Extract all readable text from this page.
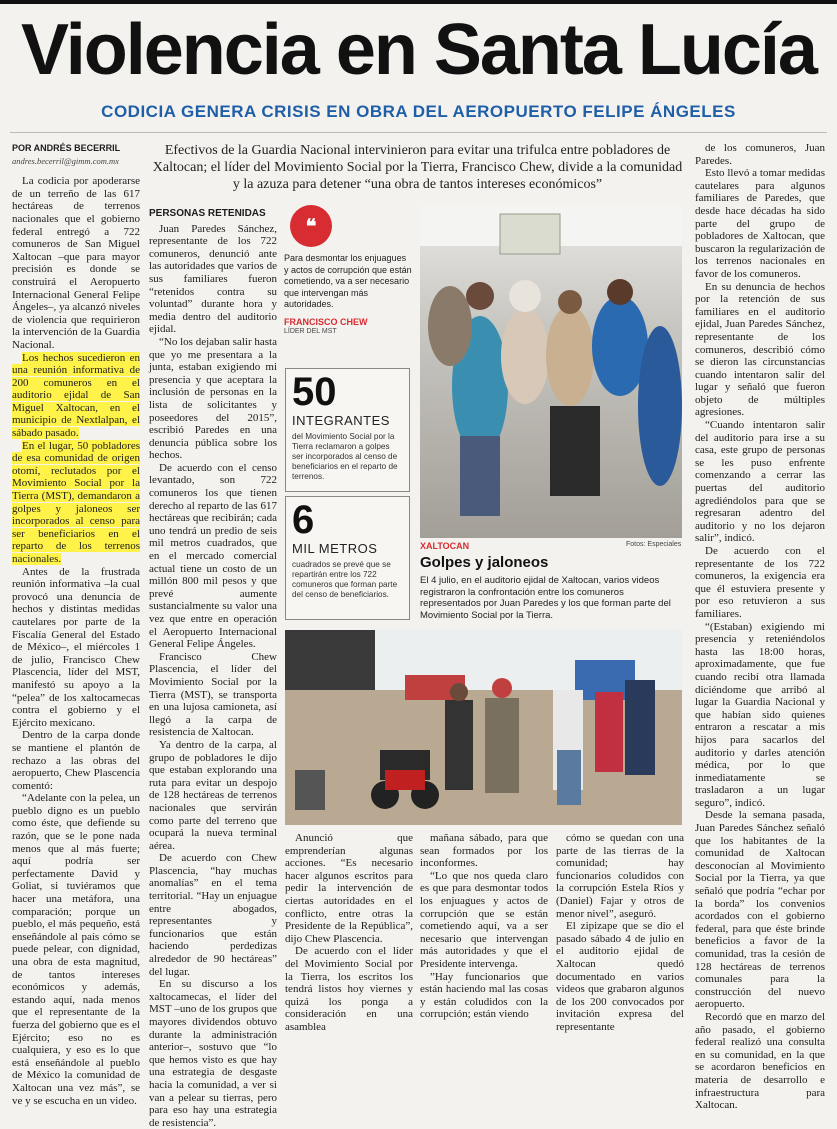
Violencia en Santa Lucía
CODICIA GENERA CRISIS EN OBRA DEL AEROPUERTO FELIPE ÁNGELES

POR ANDRÉS BECERRIL

andres.becerril@gimm.com.mx

La codicia por apoderarse de un terreño de las 617 hectáreas de terrenos nacionales que el gobierno federal entregó a 722 comuneros de San Miguel Xaltocan –que para mayor precisión es donde se construirá el Aeropuerto Internacional General Felipe Ángeles–, ya alcanzó niveles de violencia que requirieron la intervención de la Guardia Nacional.

Los hechos sucedieron en una reunión informativa de 200 comuneros en el auditorio ejidal de San Miguel Xaltocan, en el municipio de Nextlalpan, el sábado pasado.

En el lugar, 50 pobladores de esa comunidad de origen otomí, reclutados por el Movimiento Social por la Tierra (MST), demandaron a golpes y jaloneos ser incorporados al censo para ser beneficiarios en el reparto de los terrenos nacionales.

Antes de la frustrada reunión informativa –la cual provocó una denuncia de hechos y distintas medidas cautelares por parte de la Fiscalía General del Estado de México–, el miércoles 1 de julio, Francisco Chew Plascencia, líder del MST, manifestó su apoyo a la “pelea” de los xaltocamecas contra el gobierno y el Ejército mexicano.

Dentro de la carpa donde se mantiene el plantón de rechazo a las obras del aeropuerto, Chew Plascencia comentó:

“Adelante con la pelea, un pueblo digno es un pueblo como éste, que defiende su razón, que se le pone nada menos que al más fuerte; aquí podría ser perfectamente David y Goliat, si tuviéramos que hacer una metáfora, una comparación; porque un pueblo, el más pequeño, está enseñándole al país cómo se puede pelear, con dignidad, una obra de esta magnitud, de tantos intereses económicos y además, estando aquí, nada menos que el representante de la fuerza del gobierno que es el Ejército; eso no es cualquiera, y eso es lo que está enseñándole al pueblo de México la comunidad de Xaltocan una vez más”, se ve y se escucha en un video.

Efectivos de la Guardia Nacional intervinieron para evitar una trifulca entre pobladores de Xaltocan; el líder del Movimiento Social por la Tierra, Francisco Chew, divide a la comunidad y la azuza para detener “una obra de tantos intereses económicos”

PERSONAS RETENIDAS

Juan Paredes Sánchez, representante de los 722 comuneros, denunció ante las autoridades que varios de sus familiares fueron “retenidos contra su voluntad” durante hora y media dentro del auditorio ejidal.

“No los dejaban salir hasta que yo me presentara a la junta, estaban exigiendo mi presencia y que aceptara la inclusión de personas en la lista de solicitantes y poseedores del 2015”, escribió Paredes en una denuncia pública sobre los hechos.

De acuerdo con el censo levantado, son 722 comuneros los que tienen derecho al reparto de las 617 hectáreas que recibirán; cada uno tendrá un predio de seis mil metros cuadrados, que en el mercado comercial actual tiene un costo de un millón 800 mil pesos y que prevé aumente sustancialmente su valor una vez que entre en operación el Aeropuerto Internacional General Felipe Ángeles.

Francisco Chew Plascencia, el líder del Movimiento Social por la Tierra (MST), se transporta en una lujosa camioneta, así llegó a la carpa de resistencia de Xaltocan.

Ya dentro de la carpa, al grupo de pobladores le dijo que estaban explorando una ruta para evitar un despojo de 128 hectáreas de terrenos nacionales que servirán como parte del terreno que ocupará la nueva terminal aérea.

De acuerdo con Chew Plascencia, “hay muchas anomalías” en el tema territorial. “Hay un enjuague entre abogados, representantes y funcionarios que están haciendo perdedizas alrededor de 90 hectáreas” del lugar.

En su discurso a los xaltocamecas, el líder del MST –uno de los grupos que mayores dividendos obtuvo durante la administración anterior–, sostuvo que “lo que hemos visto es que hay una estrategia de desgaste hacia la comunidad, a ver si van a pelear su tierras, pero para eso hay una estrategia de resistencia”.

❝
Para desmontar los enjuagues y actos de corrupción que están cometiendo, va a ser necesario que intervengan más autoridades.
FRANCISCO CHEW
LÍDER DEL MST
50
INTEGRANTES
del Movimiento Social por la Tierra reclamaron a golpes ser incorporados al censo de beneficiarios en el reparto de terrenos.
6
MIL METROS
cuadrados se prevé que se repartirán entre los 722 comuneros que forman parte del censo de beneficiarios.
XALTOCAN	Fotos: Especiales
Golpes y jaloneos
El 4 julio, en el auditorio ejidal de Xaltocan, varios videos registraron la confrontación entre los comuneros representados por Juan Paredes y los que forman parte del Movimiento Social por la Tierra.

Anunció que emprenderían algunas acciones. “Es necesario hacer algunos escritos para pedir la intervención de ciertas autoridades en el conflicto, entre otras la Presidente de la República”, dijo Chew Plascencia.

De acuerdo con el líder del Movimiento Social por la Tierra, los escritos los tendrá listos hoy viernes y quizá los ponga a consideración en una asamblea

mañana sábado, para que sean formados por los inconformes.

“Lo que nos queda claro es que para desmontar todos los enjuagues y actos de corrupción que se están cometiendo aquí, va a ser necesario que intervengan más autoridades y que el Presidente intervenga.

”Hay funcionarios que están haciendo mal las cosas y están coludidos con la corrupción; están viendo

cómo se quedan con una parte de las tierras de la comunidad; hay funcionarios coludidos con la corrupción Estela Ríos y (Daniel) Fajar y otros de menor nivel”, aseguró.

El zipizape que se dio el pasado sábado 4 de julio en el auditorio ejidal de Xaltocan quedó documentado en varios videos que grabaron algunos de los 200 convocados por invitación expresa del representante

de los comuneros, Juan Paredes.

Esto llevó a tomar medidas cautelares para algunos familiares de Paredes, que desde hace décadas ha sido parte del grupo de pobladores de Xaltocan, que buscaron la regularización de los terrenos nacionales en favor de los comuneros.

En su denuncia de hechos por la retención de sus familiares en el auditorio ejidal, Juan Paredes Sánchez, representante de los comuneros, describió cómo se dieron las circunstancias cuando intentaron salir del lugar y señaló que fueron objeto de múltiples agresiones.

“Cuando intentaron salir del auditorio para irse a su casa, este grupo de personas se les puso enfrente comenzando a cerrar las puertas del auditorio agrediéndolos para que se regresaran adentro del auditorio y no los dejaron salir”, indicó.

De acuerdo con el representante de los 722 comuneros, la exigencia era que él estuviera presente y por eso retuvieron a sus familiares.

“(Estaban) exigiendo mi presencia y reteniéndolos hasta las 18:00 horas, aproximadamente, que fue cuando recibí otra llamada diciéndome que arribó al lugar la Guardia Nacional y que habían sido quienes entraron a rescatar a mis hijos para sacarlos del auditorio y darles atención médica, por lo que inmediatamente se trasladaron a un lugar seguro”, indicó.

Desde la semana pasada, Juan Paredes Sánchez señaló que los habitantes de la comunidad de Xaltocan desconocían al Movimiento Social por la Tierra, ya que señaló que podría “echar por la borda” los convenios acordados con el gobierno federal, para que éste brinde beneficios a favor de la comunidad, tras la cesión de 128 hectáreas de terrenos comunales para la construcción del nuevo aeropuerto.

Recordó que en marzo del año pasado, el gobierno federal realizó una consulta en su comunidad, en la que se acordaron beneficios en materia de desarrollo e infraestructura para Xaltocan.
